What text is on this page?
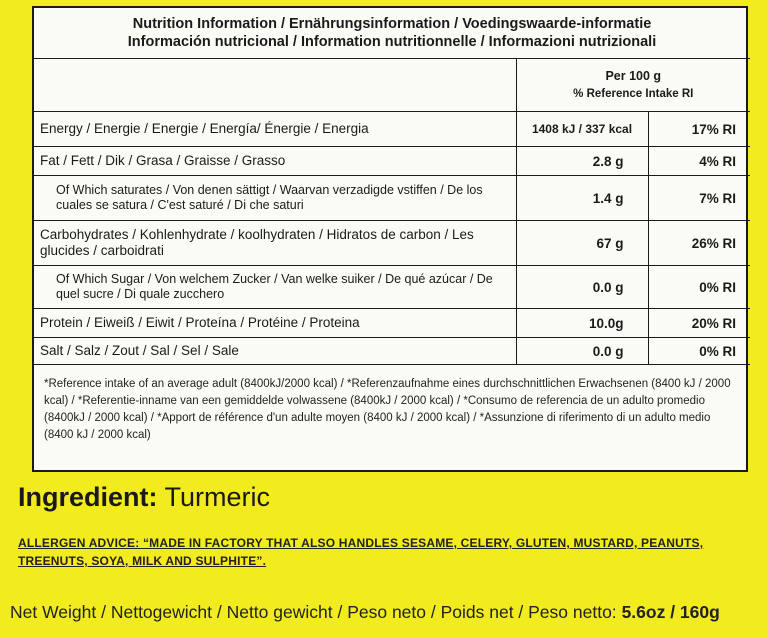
Nutrition Information / Ernährungsinformation / Voedingswaarde-informatie
Información nutricional / Information nutritionnelle / Informazioni nutrizionali		

	Per 100 g
% Reference Intake RI	

Energy / Energie / Energie / Energía/ Énergie / Energia	1408 kJ / 337 kcal	17% RI
Fat / Fett / Dik / Grasa / Graisse / Grasso	2.8 g	4% RI
Of Which saturates / Von denen sättigt / Waarvan verzadigde vstiffen / De los cuales se satura / C'est saturé / Di che saturi	1.4 g	7% RI
Carbohydrates / Kohlenhydrate / koolhydraten / Hidratos de carbon / Les glucides / carboidrati	67 g	26% RI
Of Which Sugar / Von welchem Zucker / Van welke suiker / De qué azúcar / De quel sucre / Di quale zucchero	0.0 g	0% RI
Protein / Eiweiß / Eiwit / Proteína / Protéine / Proteina	10.0g	20% RI
Salt / Salz / Zout / Sal / Sel / Sale	0.0 g	0% RI
*Reference intake of an average adult (8400kJ/2000 kcal) / *Referenzaufnahme eines durchschnittlichen Erwachsenen (8400 kJ / 2000 kcal) / *Referentie-inname van een gemiddelde volwassene (8400kJ / 2000 kcal) / *Consumo de referencia de un adulto promedio (8400kJ / 2000 kcal) / *Apport de référence d'un adulte moyen (8400 kJ / 2000 kcal) / *Assunzione di riferimento di un adulto medio (8400 kJ / 2000 kcal)
Ingredient: Turmeric
ALLERGEN ADVICE: “MADE IN FACTORY THAT ALSO HANDLES SESAME, CELERY, GLUTEN, MUSTARD, PEANUTS, TREENUTS, SOYA, MILK AND SULPHITE”.
Net Weight / Nettogewicht / Netto gewicht / Peso neto / Poids net / Peso netto: 5.6oz / 160g
